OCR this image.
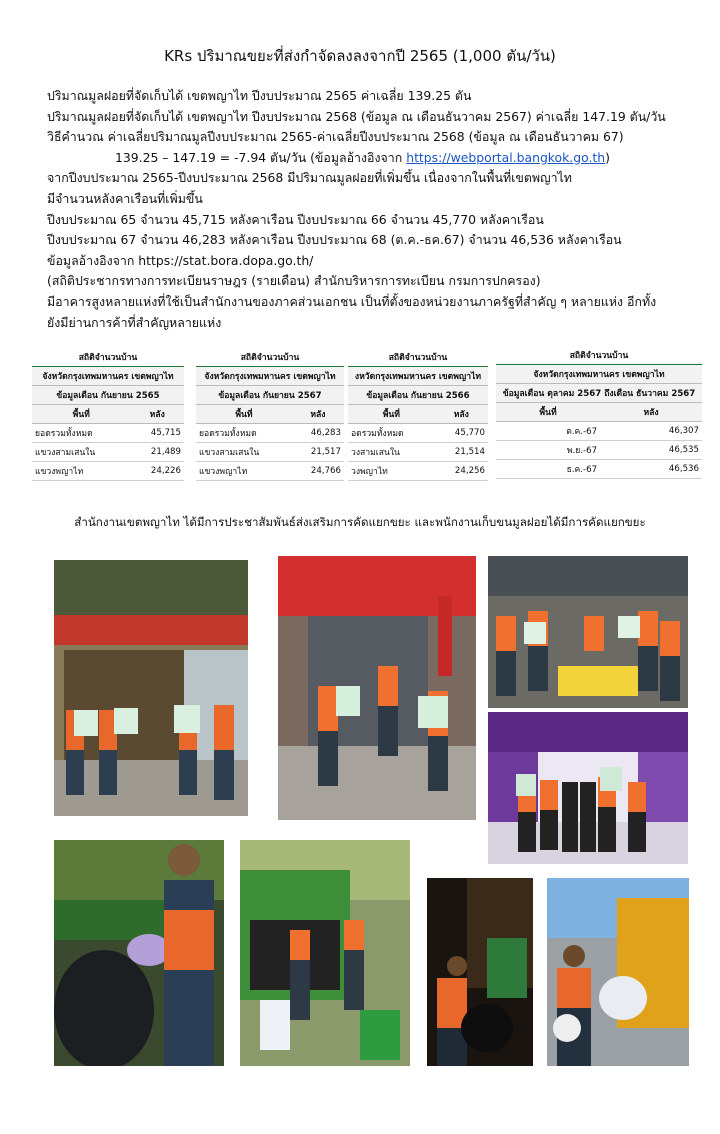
KRs ปริมาณขยะที่ส่งกำจัดลงลงจากปี 2565 (1,000 ตัน/วัน)
ปริมาณมูลฝอยที่จัดเก็บได้ เขตพญาไท ปีงบประมาณ 2565 ค่าเฉลี่ย 139.25 ตัน
ปริมาณมูลฝอยที่จัดเก็บได้ เขตพญาไท ปีงบประมาณ 2568 (ข้อมูล ณ เดือนธันวาคม 2567) ค่าเฉลี่ย 147.19 ตัน/วัน
วิธีคำนวณ ค่าเฉลี่ยปริมาณมูลปีงบประมาณ 2565-ค่าเฉลี่ยปีงบประมาณ 2568 (ข้อมูล ณ เดือนธันวาคม 67)
139.25 – 147.19 = -7.94 ตัน/วัน (ข้อมูลอ้างอิงจาก https://webportal.bangkok.go.th)
จากปีงบประมาณ 2565-ปีงบประมาณ 2568 มีปริมาณมูลฝอยที่เพิ่มขึ้น เนื่องจากในพื้นที่เขตพญาไท
มีจำนวนหลังคาเรือนที่เพิ่มขึ้น
ปีงบประมาณ 65 จำนวน 45,715 หลังคาเรือน ปีงบประมาณ 66 จำนวน 45,770 หลังคาเรือน
ปีงบประมาณ 67 จำนวน 46,283 หลังคาเรือน ปีงบประมาณ 68 (ต.ค.-ธค.67) จำนวน 46,536 หลังคาเรือน
ข้อมูลอ้างอิงจาก https://stat.bora.dopa.go.th/
(สถิติประชากรทางการทะเบียนราษฎร (รายเดือน) สำนักบริหารการทะเบียน กรมการปกครอง)
มีอาคารสูงหลายแห่งที่ใช้เป็นสำนักงานของภาคส่วนเอกชน เป็นที่ตั้งของหน่วยงานภาครัฐที่สำคัญ ๆ หลายแห่ง อีกทั้ง
ยังมีย่านการค้าที่สำคัญหลายแห่ง
สถิติจำนวนบ้าน
จังหวัดกรุงเทพมหานคร เขตพญาไท
ข้อมูลเดือน กันยายน 2565
พื้นที่	หลัง
ยอดรวมทั้งหมด	45,715
แขวงสามเสนใน	21,489
แขวงพญาไท	24,226
สถิติจำนวนบ้าน
จังหวัดกรุงเทพมหานคร เขตพญาไท
ข้อมูลเดือน กันยายน 2567
พื้นที่	หลัง
ยอดรวมทั้งหมด	46,283
แขวงสามเสนใน	21,517
แขวงพญาไท	24,766
สถิติจำนวนบ้าน
งหวัดกรุงเทพมหานคร เขตพญาไท
ข้อมูลเดือน กันยายน 2566
พื้นที่	หลัง
อดรวมทั้งหมด	45,770
วงสามเสนใน	21,514
วงพญาไท	24,256
สถิติจำนวนบ้าน
จังหวัดกรุงเทพมหานคร เขตพญาไท
ข้อมูลเดือน ตุลาคม 2567 ถึงเดือน ธันวาคม 2567
พื้นที่	หลัง
ต.ค.-67	46,307
พ.ย.-67	46,535
ธ.ค.-67	46,536
สำนักงานเขตพญาไท ได้มีการประชาสัมพันธ์ส่งเสริมการคัดแยกขยะ และพนักงานเก็บขนมูลฝอยได้มีการคัดแยกขยะ
